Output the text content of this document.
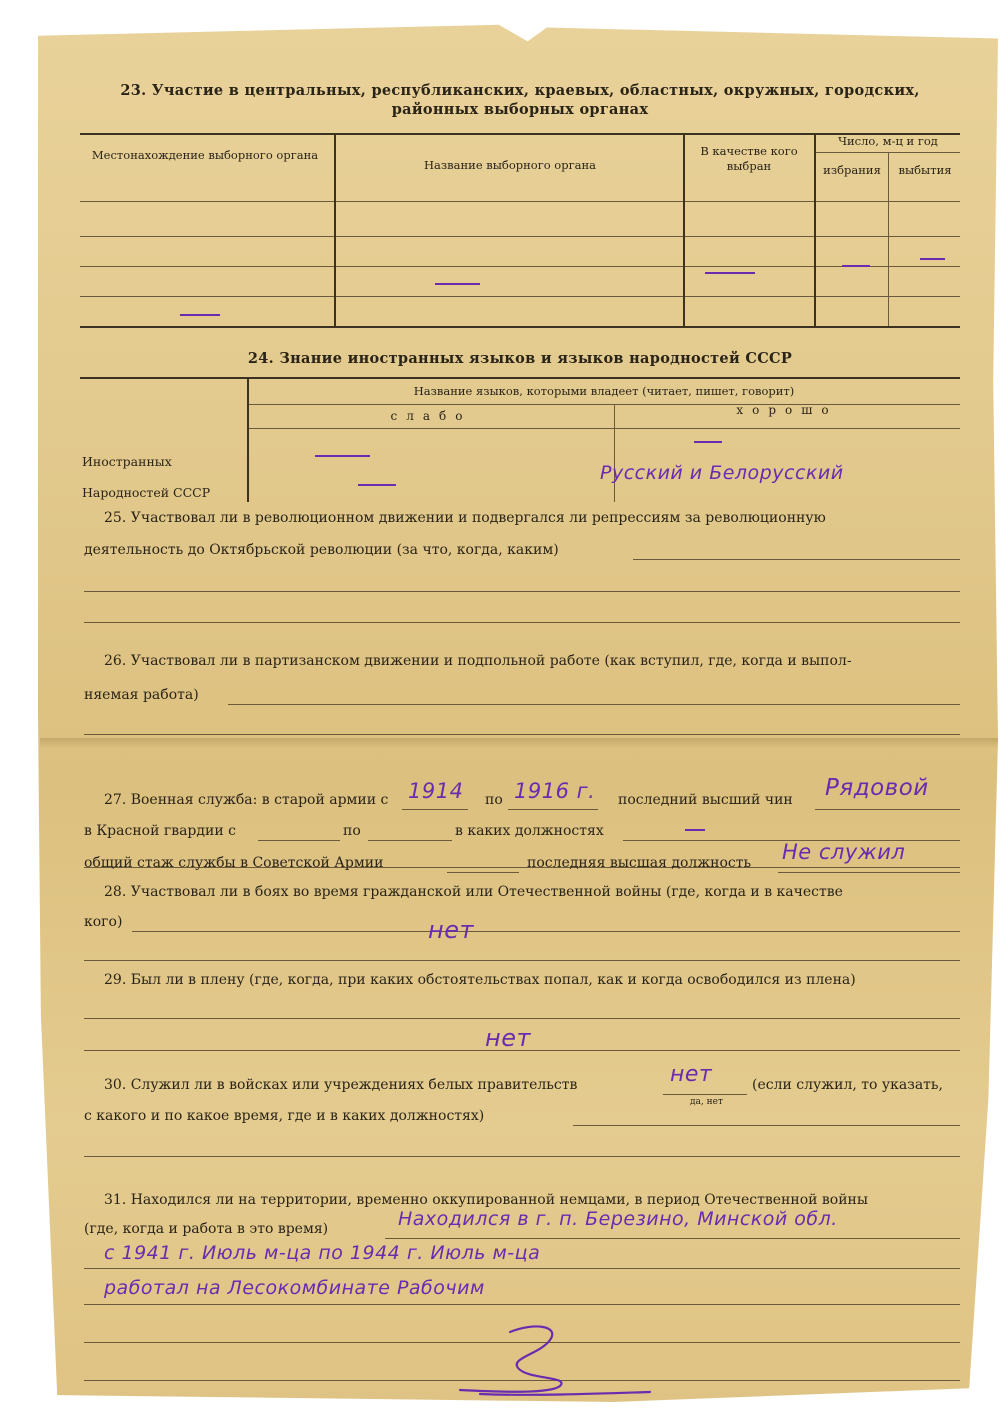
23. Участие в центральных, республиканских, краевых, областных, окружных, городских,
районных выборных органах
Местонахождение выборного органа
Название выборного органа
В качестве кого выбран
Число, м-ц и год
избрания	выбытия
24. Знание иностранных языков и языков народностей СССР
Название языков, которыми владеет (читает, пишет, говорит)
слабо	хорошо
Иностранных
Народностей СССР
Русский и Белорусский
25. Участвовал ли в революционном движении и подвергался ли репрессиям за революционную
деятельность до Октябрьской революции (за что, когда, каким)
26. Участвовал ли в партизанском движении и подпольной работе (как вступил, где, когда и выпол-
няемая работа)
27. Военная служба: в старой армии с 1914 по 1916 г. последний высший чин Рядовой
в Красной гвардии с	по	в каких должностях
общий стаж службы в Советской Армии	последняя высшая должность Не служил
28. Участвовал ли в боях во время гражданской или Отечественной войны (где, когда и в качестве
кого)	нет
29. Был ли в плену (где, когда, при каких обстоятельствах попал, как и когда освободился из плена)
нет
30. Служил ли в войсках или учреждениях белых правительств	нет
да, нет
(если служил, то указать,
с какого и по какое время, где и в каких должностях)
31. Находился ли на территории, временно оккупированной немцами, в период Отечественной войны
(где, когда и работа в это время)	Находился в г. п. Березино, Минской обл.
с 1941 г. Июль м-ца по 1944 г. Июль м-ца
работал на Лесокомбинате Рабочим
